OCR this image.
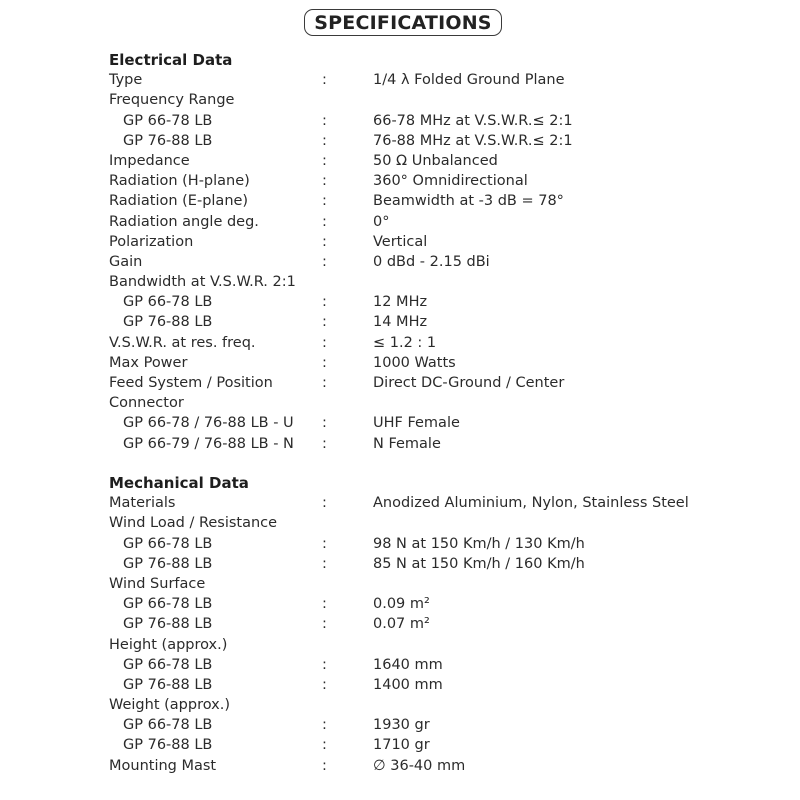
SPECIFICATIONS
Electrical Data
Type	:	1/4 λ Folded Ground Plane
Frequency Range
GP 66-78 LB	:	66-78 MHz at V.S.W.R.≤ 2:1
GP 76-88 LB	:	76-88 MHz at V.S.W.R.≤ 2:1
Impedance	:	50 Ω Unbalanced
Radiation (H-plane)	:	360° Omnidirectional
Radiation (E-plane)	:	Beamwidth at -3 dB = 78°
Radiation angle deg.	:	0°
Polarization	:	Vertical
Gain	:	0 dBd - 2.15 dBi
Bandwidth at V.S.W.R. 2:1
GP 66-78 LB	:	12 MHz
GP 76-88 LB	:	14 MHz
V.S.W.R. at res. freq.	:	≤ 1.2 : 1
Max Power	:	1000 Watts
Feed System / Position	:	Direct DC-Ground / Center
Connector
GP 66-78 / 76-88 LB - U :	UHF Female
GP 66-79 / 76-88 LB - N :	N Female
Mechanical Data
Materials	:	Anodized Aluminium, Nylon, Stainless Steel
Wind Load / Resistance
GP 66-78 LB	:	98 N at 150 Km/h / 130 Km/h
GP 76-88 LB	:	85 N at 150 Km/h / 160 Km/h
Wind Surface
GP 66-78 LB	:	0.09 m²
GP 76-88 LB	:	0.07 m²
Height (approx.)
GP 66-78 LB	:	1640 mm
GP 76-88 LB	:	1400 mm
Weight (approx.)
GP 66-78 LB	:	1930 gr
GP 76-88 LB	:	1710 gr
Mounting Mast	:	∅ 36-40 mm
